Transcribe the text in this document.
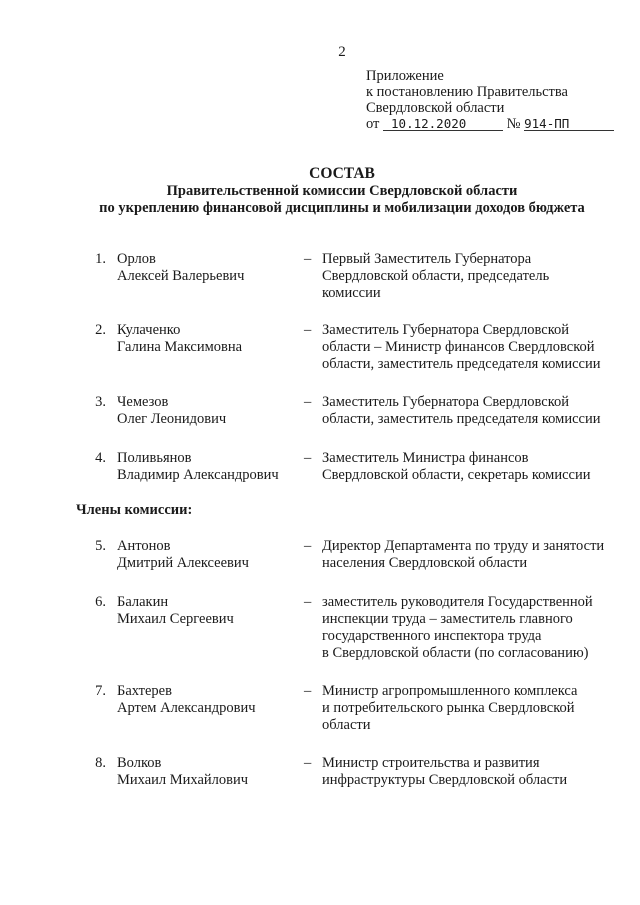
2
Приложение
к постановлению Правительства
Свердловской области
от 10.12.2020	№ 914-ПП
СОСТАВ
Правительственной комиссии Свердловской области
по укреплению финансовой дисциплины и мобилизации доходов бюджета
1. Орлов
Алексей Валерьевич
– Первый Заместитель Губернатора
Свердловской области, председатель
комиссии
2. Кулаченко
Галина Максимовна
– Заместитель Губернатора Свердловской
области – Министр финансов Свердловской
области, заместитель председателя комиссии
3. Чемезов
Олег Леонидович
– Заместитель Губернатора Свердловской
области, заместитель председателя комиссии
4. Поливьянов
Владимир Александрович
– Заместитель Министра финансов
Свердловской области, секретарь комиссии
Члены комиссии:
5. Антонов
Дмитрий Алексеевич
– Директор Департамента по труду и занятости
населения Свердловской области
6. Балакин
Михаил Сергеевич
– заместитель руководителя Государственной
инспекции труда – заместитель главного
государственного инспектора труда
в Свердловской области (по согласованию)
7. Бахтерев
Артем Александрович
– Министр агропромышленного комплекса
и потребительского рынка Свердловской
области
8. Волков
Михаил Михайлович
– Министр строительства и развития
инфраструктуры Свердловской области
